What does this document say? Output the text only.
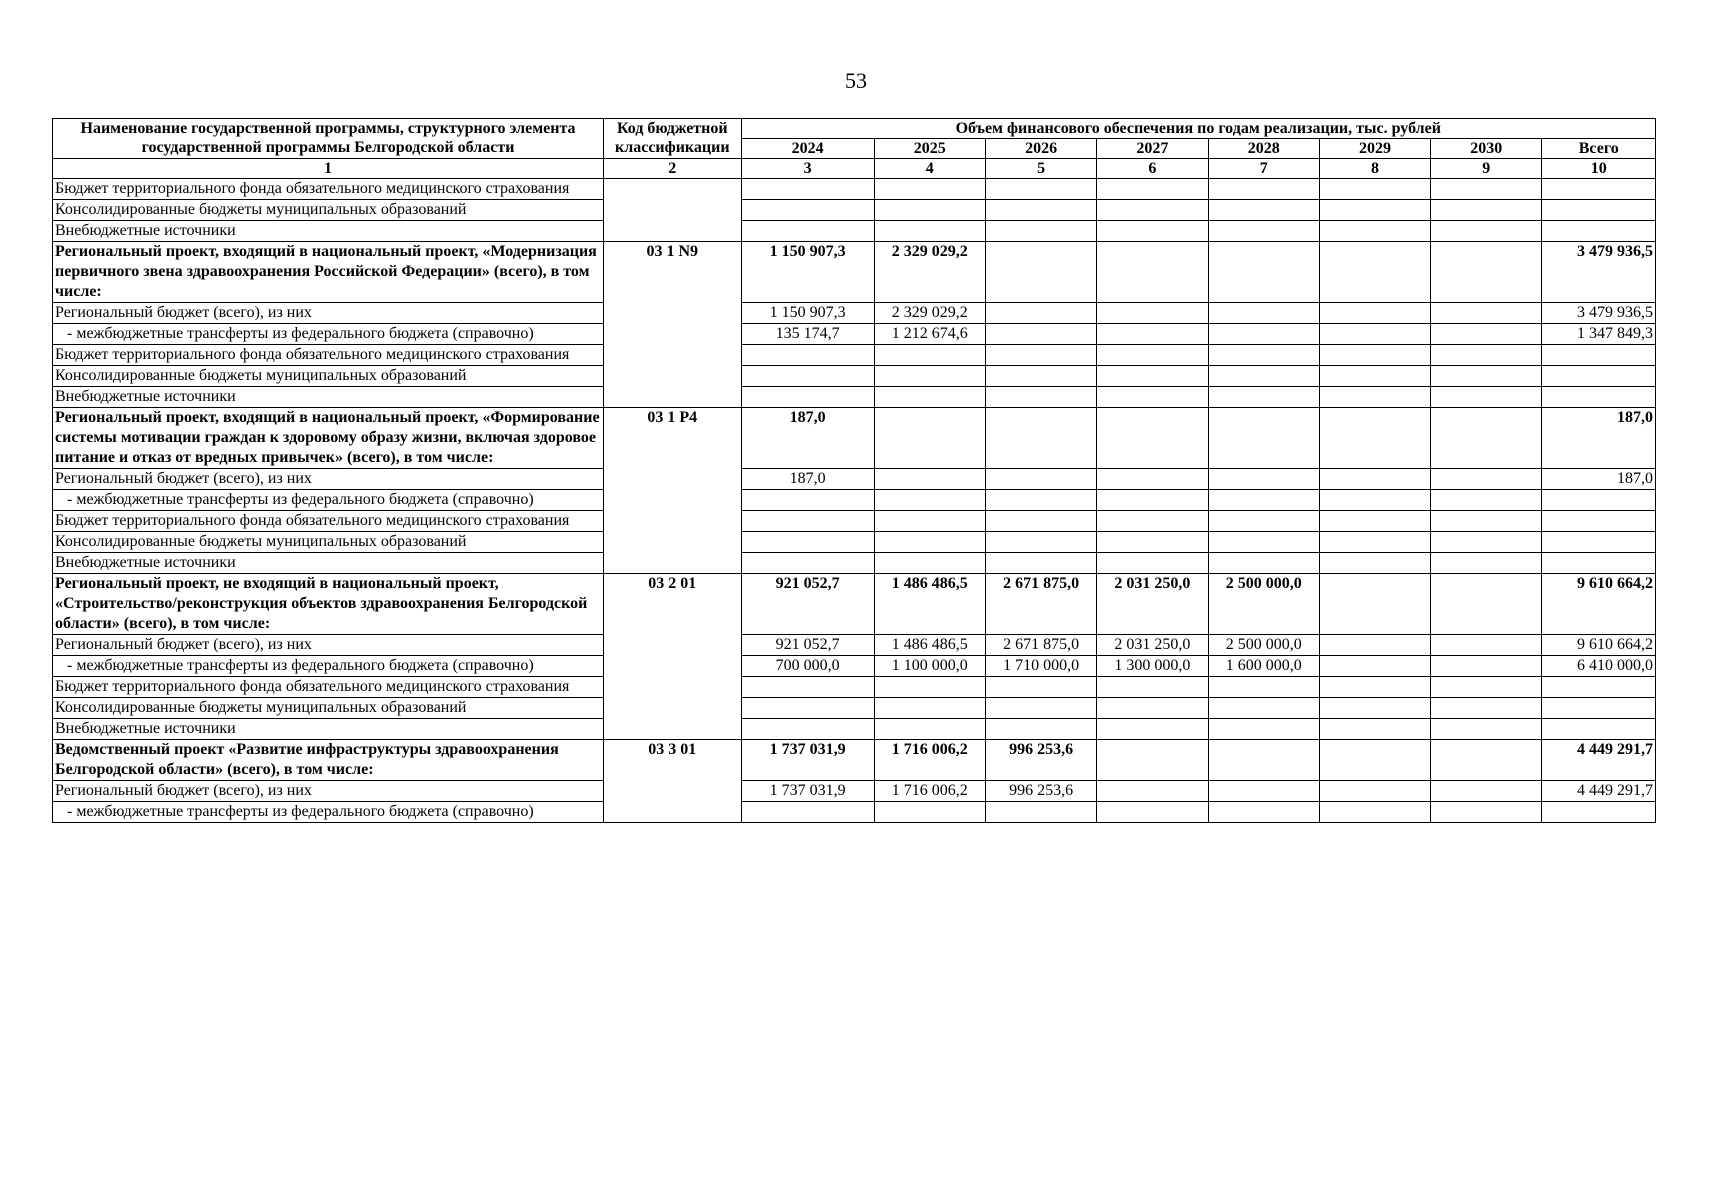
53
Наименование государственной программы, структурного элемента государственной программы Белгородской области	Код бюджетной классификации	Объем финансового обеспечения по годам реализации, тыс. рублей							
		2024	2025	2026	2027	2028	2029	2030	Всего
1	2	3	4	5	6	7	8	9	10
Бюджет территориального фонда обязательного медицинского страхования									
Консолидированные бюджеты муниципальных образований									
Внебюджетные источники									
Региональный проект, входящий в национальный проект, «Модернизация первичного звена здравоохранения Российской Федерации» (всего), в том числе:	03 1 N9	1 150 907,3	2 329 029,2						3 479 936,5
Региональный бюджет (всего), из них		1 150 907,3	2 329 029,2						3 479 936,5
- межбюджетные трансферты из федерального бюджета (справочно)		135 174,7	1 212 674,6						1 347 849,3
Бюджет территориального фонда обязательного медицинского страхования									
Консолидированные бюджеты муниципальных образований									
Внебюджетные источники									
Региональный проект, входящий в национальный проект, «Формирование системы мотивации граждан к здоровому образу жизни, включая здоровое питание и отказ от вредных привычек» (всего), в том числе:	03 1 P4	187,0							187,0
Региональный бюджет (всего), из них		187,0							187,0
- межбюджетные трансферты из федерального бюджета (справочно)									
Бюджет территориального фонда обязательного медицинского страхования									
Консолидированные бюджеты муниципальных образований									
Внебюджетные источники									
Региональный проект, не входящий в национальный проект, «Строительство/реконструкция объектов здравоохранения Белгородской области» (всего), в том числе:	03 2 01	921 052,7	1 486 486,5	2 671 875,0	2 031 250,0	2 500 000,0			9 610 664,2
Региональный бюджет (всего), из них		921 052,7	1 486 486,5	2 671 875,0	2 031 250,0	2 500 000,0			9 610 664,2
- межбюджетные трансферты из федерального бюджета (справочно)		700 000,0	1 100 000,0	1 710 000,0	1 300 000,0	1 600 000,0			6 410 000,0
Бюджет территориального фонда обязательного медицинского страхования									
Консолидированные бюджеты муниципальных образований									
Внебюджетные источники									
Ведомственный проект «Развитие инфраструктуры здравоохранения Белгородской области» (всего), в том числе:	03 3 01	1 737 031,9	1 716 006,2	996 253,6					4 449 291,7
Региональный бюджет (всего), из них		1 737 031,9	1 716 006,2	996 253,6					4 449 291,7
- межбюджетные трансферты из федерального бюджета (справочно)									
